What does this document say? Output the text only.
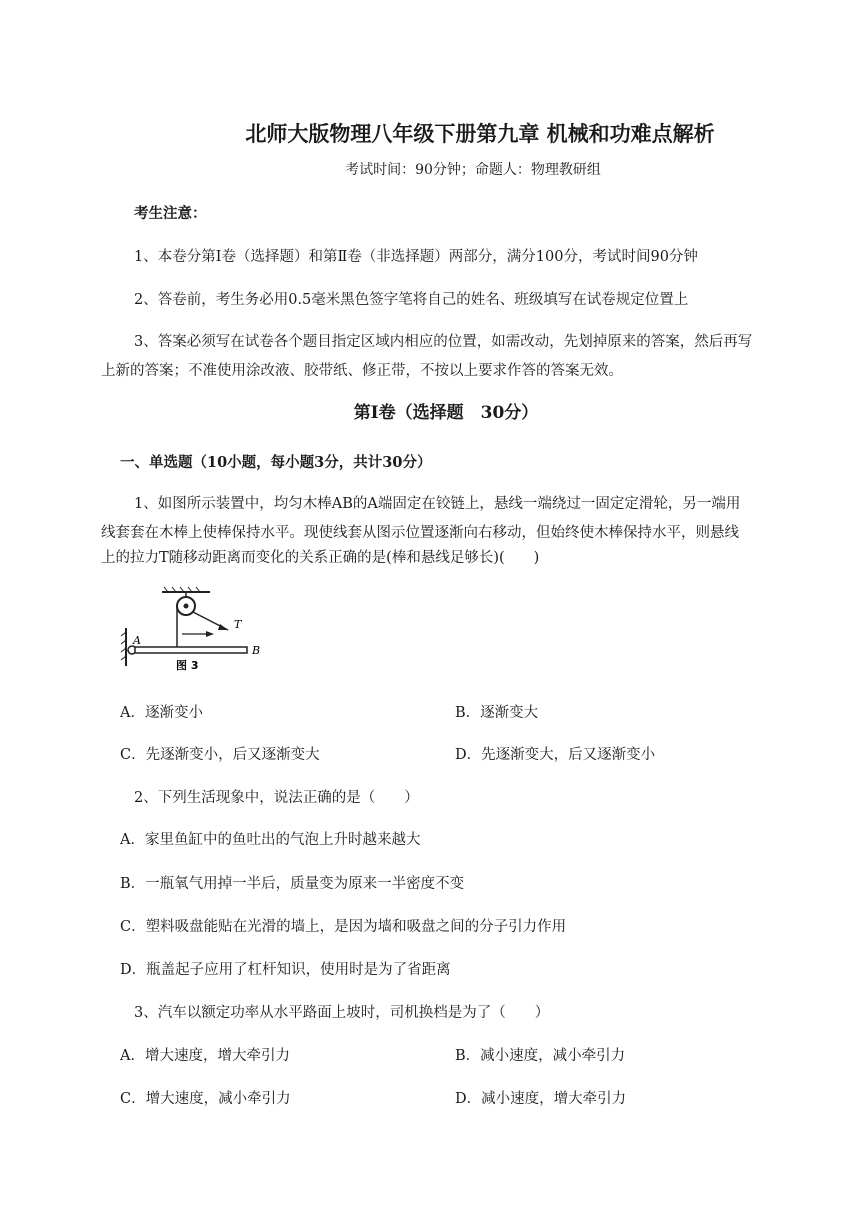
北师大版物理八年级下册第九章 机械和功难点解析
考试时间：90分钟；命题人：物理教研组
考生注意：
1、本卷分第Ⅰ卷（选择题）和第Ⅱ卷（非选择题）两部分，满分100分，考试时间90分钟
2、答卷前，考生务必用0.5毫米黑色签字笔将自己的姓名、班级填写在试卷规定位置上
3、答案必须写在试卷各个题目指定区域内相应的位置，如需改动，先划掉原来的答案，然后再写
上新的答案；不准使用涂改液、胶带纸、修正带，不按以上要求作答的答案无效。
第Ⅰ卷（选择题　30分）
一、单选题（10小题，每小题3分，共计30分）
1、如图所示装置中，均匀木棒AB的A端固定在铰链上，悬线一端绕过一固定定滑轮，另一端用
线套套在木棒上使棒保持水平。现使线套从图示位置逐渐向右移动，但始终使木棒保持水平，则悬线
上的拉力T随移动距离而变化的关系正确的是(棒和悬线足够长)(　　)
T
A
B
图 3
A．逐渐变小	B．逐渐变大
C．先逐渐变小，后又逐渐变大	D．先逐渐变大，后又逐渐变小
2、下列生活现象中，说法正确的是（　　）
A．家里鱼缸中的鱼吐出的气泡上升时越来越大
B．一瓶氧气用掉一半后，质量变为原来一半密度不变
C．塑料吸盘能贴在光滑的墙上，是因为墙和吸盘之间的分子引力作用
D．瓶盖起子应用了杠杆知识，使用时是为了省距离
3、汽车以额定功率从水平路面上坡时，司机换档是为了（　　）
A．增大速度，增大牵引力	B．减小速度，减小牵引力
C．增大速度，减小牵引力	D．减小速度，增大牵引力
